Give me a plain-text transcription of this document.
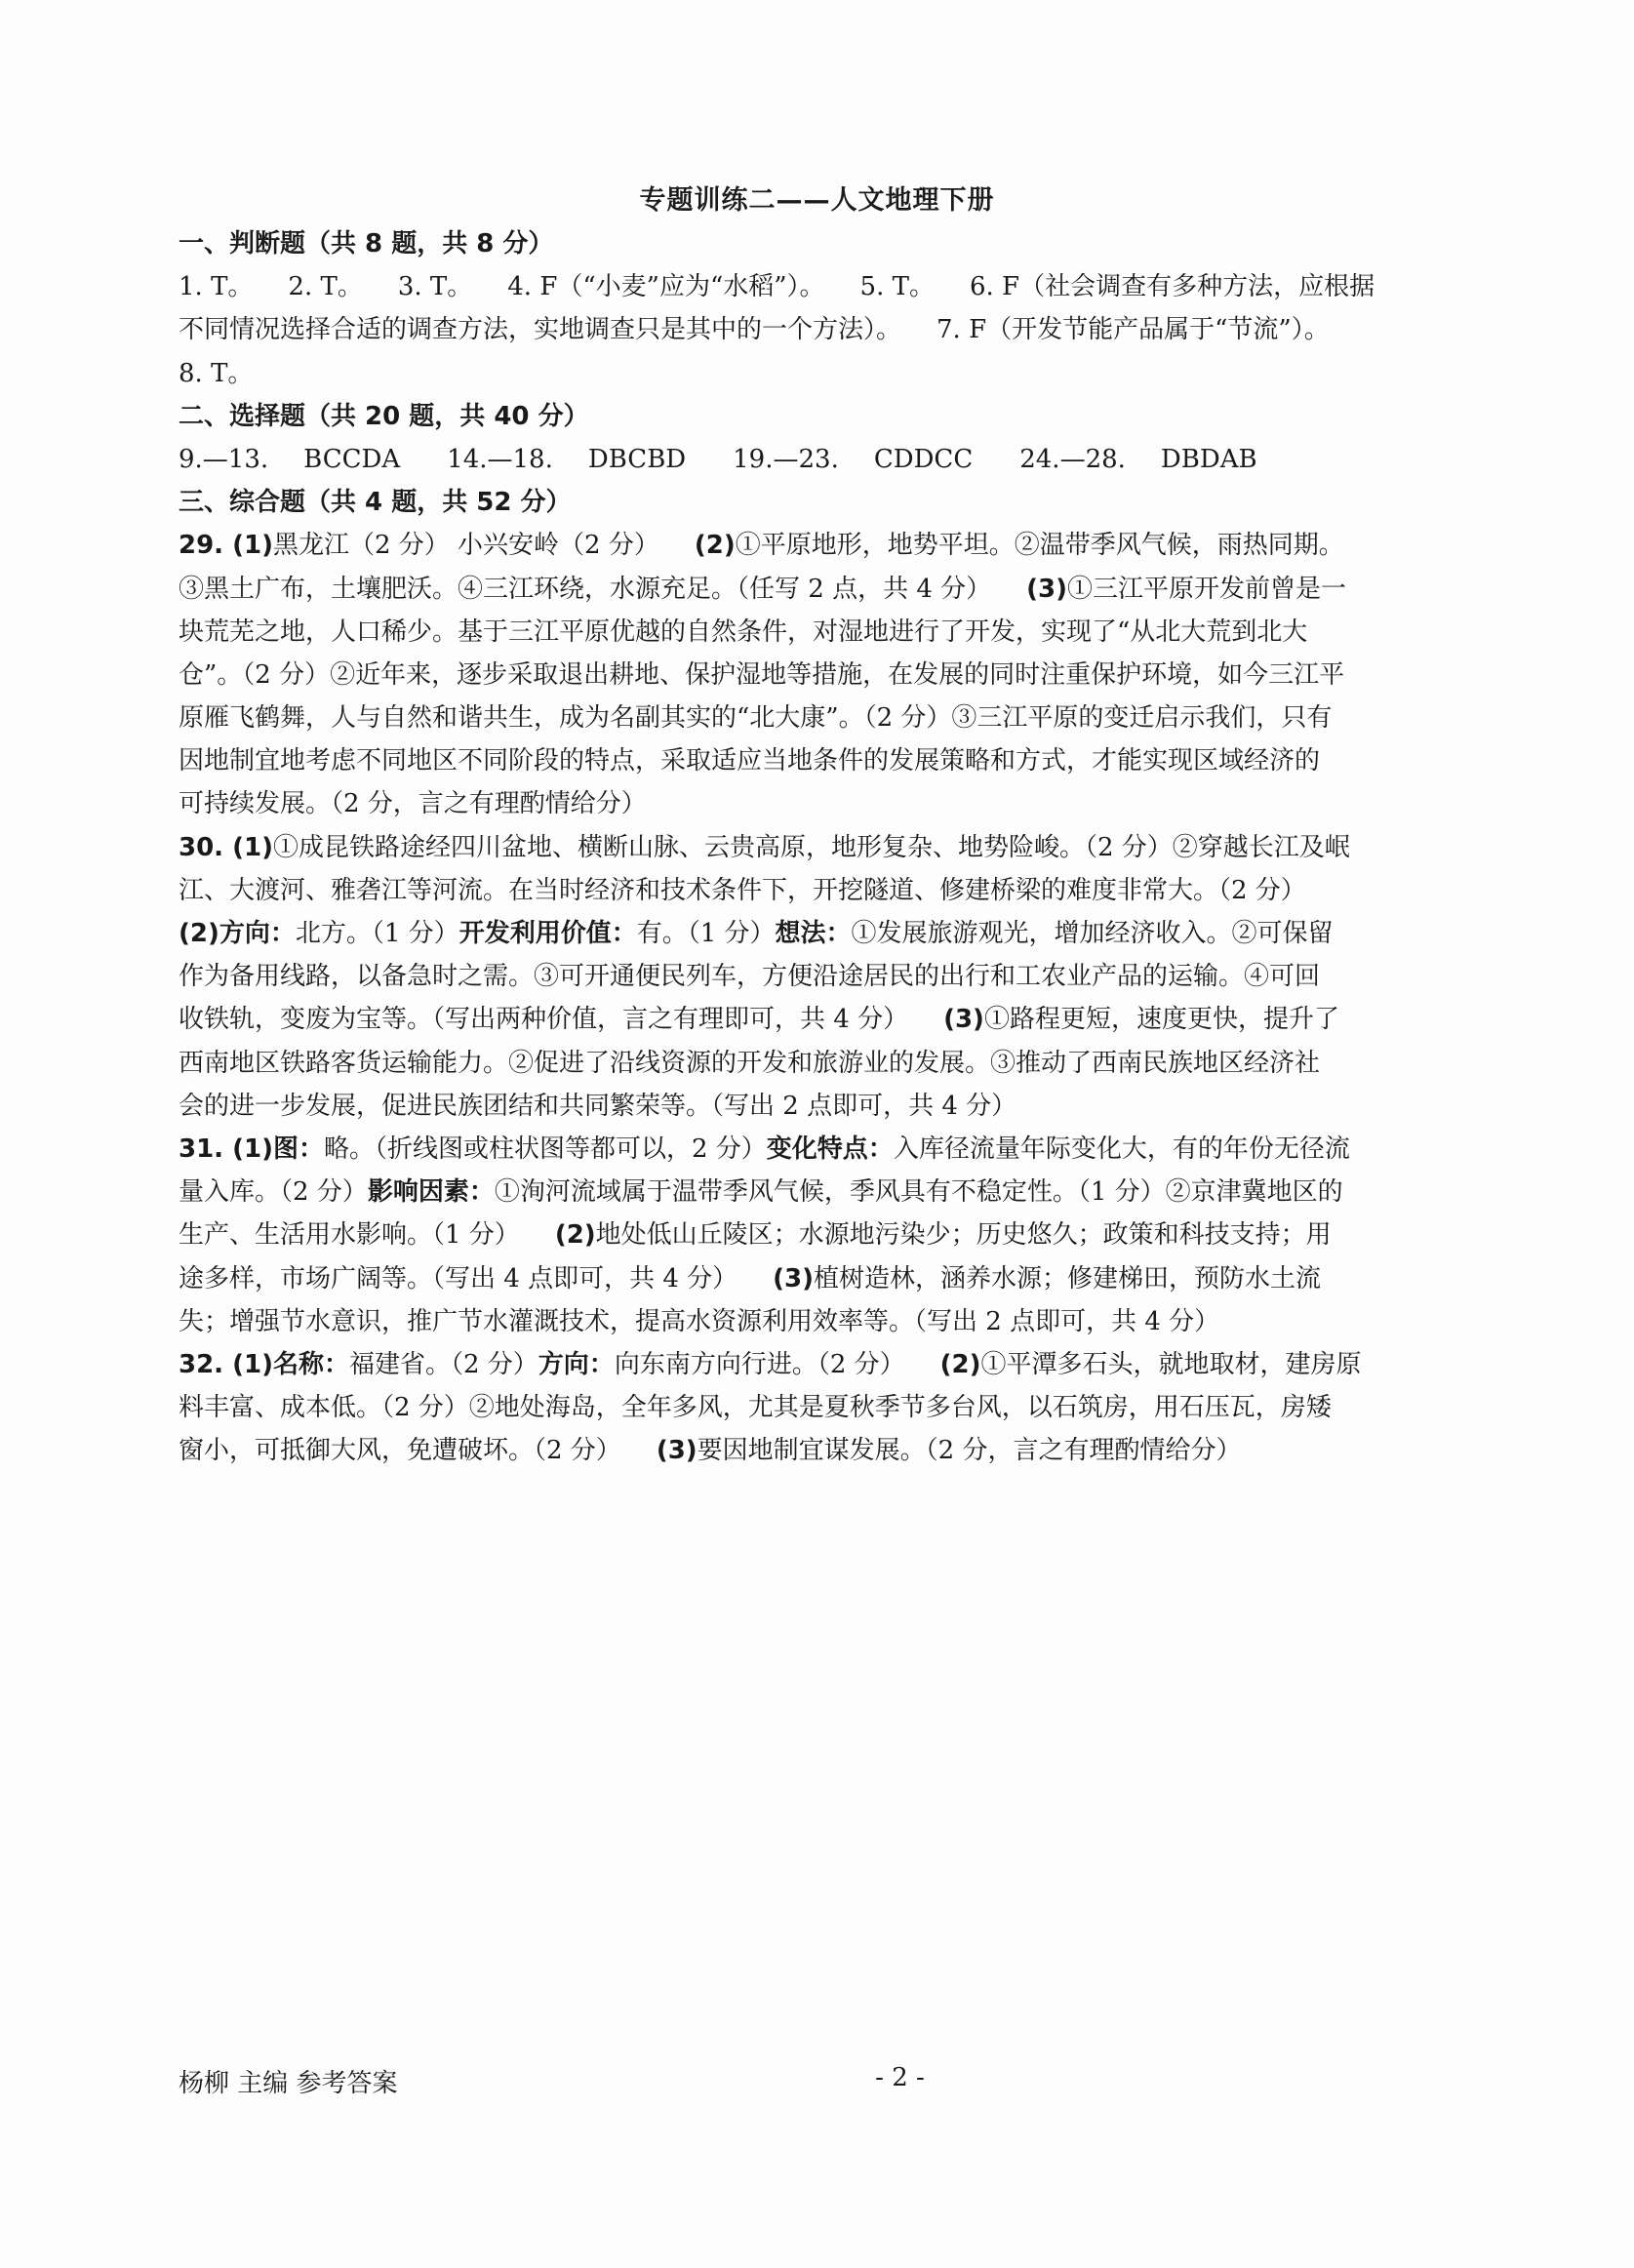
专题训练二——人文地理下册
一、判断题（共 8 题，共 8 分）
1. T。 2. T。 3. T。 4. F（“小麦”应为“水稻”）。 5. T。 6. F（社会调查有多种方法，应根据
不同情况选择合适的调查方法，实地调查只是其中的一个方法）。 7. F（开发节能产品属于“节流”）。
8. T。
二、选择题（共 20 题，共 40 分）
9.—13. BCCDA 14.—18. DBCBD 19.—23. CDDCC 24.—28. DBDAB
三、综合题（共 4 题，共 52 分）
29. (1)黑龙江（2 分） 小兴安岭（2 分） (2)①平原地形，地势平坦。②温带季风气候，雨热同期。
③黑土广布，土壤肥沃。④三江环绕，水源充足。（任写 2 点，共 4 分） (3)①三江平原开发前曾是一
块荒芜之地，人口稀少。基于三江平原优越的自然条件，对湿地进行了开发，实现了“从北大荒到北大
仓”。（2 分）②近年来，逐步采取退出耕地、保护湿地等措施，在发展的同时注重保护环境，如今三江平
原雁飞鹤舞，人与自然和谐共生，成为名副其实的“北大康”。（2 分）③三江平原的变迁启示我们，只有
因地制宜地考虑不同地区不同阶段的特点，采取适应当地条件的发展策略和方式，才能实现区域经济的
可持续发展。（2 分，言之有理酌情给分）
30. (1)①成昆铁路途经四川盆地、横断山脉、云贵高原，地形复杂、地势险峻。（2 分）②穿越长江及岷
江、大渡河、雅砻江等河流。在当时经济和技术条件下，开挖隧道、修建桥梁的难度非常大。（2 分）
(2)方向：北方。（1 分）开发利用价值：有。（1 分）想法：①发展旅游观光，增加经济收入。②可保留
作为备用线路，以备急时之需。③可开通便民列车，方便沿途居民的出行和工农业产品的运输。④可回
收铁轨，变废为宝等。（写出两种价值，言之有理即可，共 4 分） (3)①路程更短，速度更快，提升了
西南地区铁路客货运输能力。②促进了沿线资源的开发和旅游业的发展。③推动了西南民族地区经济社
会的进一步发展，促进民族团结和共同繁荣等。（写出 2 点即可，共 4 分）
31. (1)图：略。（折线图或柱状图等都可以，2 分）变化特点：入库径流量年际变化大，有的年份无径流
量入库。（2 分）影响因素：①洵河流域属于温带季风气候，季风具有不稳定性。（1 分）②京津冀地区的
生产、生活用水影响。（1 分） (2)地处低山丘陵区；水源地污染少；历史悠久；政策和科技支持；用
途多样，市场广阔等。（写出 4 点即可，共 4 分） (3)植树造林，涵养水源；修建梯田，预防水土流
失；增强节水意识，推广节水灌溉技术，提高水资源利用效率等。（写出 2 点即可，共 4 分）
32. (1)名称：福建省。（2 分）方向：向东南方向行进。（2 分） (2)①平潭多石头，就地取材，建房原
料丰富、成本低。（2 分）②地处海岛，全年多风，尤其是夏秋季节多台风，以石筑房，用石压瓦，房矮
窗小，可抵御大风，免遭破坏。（2 分） (3)要因地制宜谋发展。（2 分，言之有理酌情给分）
杨柳 主编 参考答案	- 2 -
